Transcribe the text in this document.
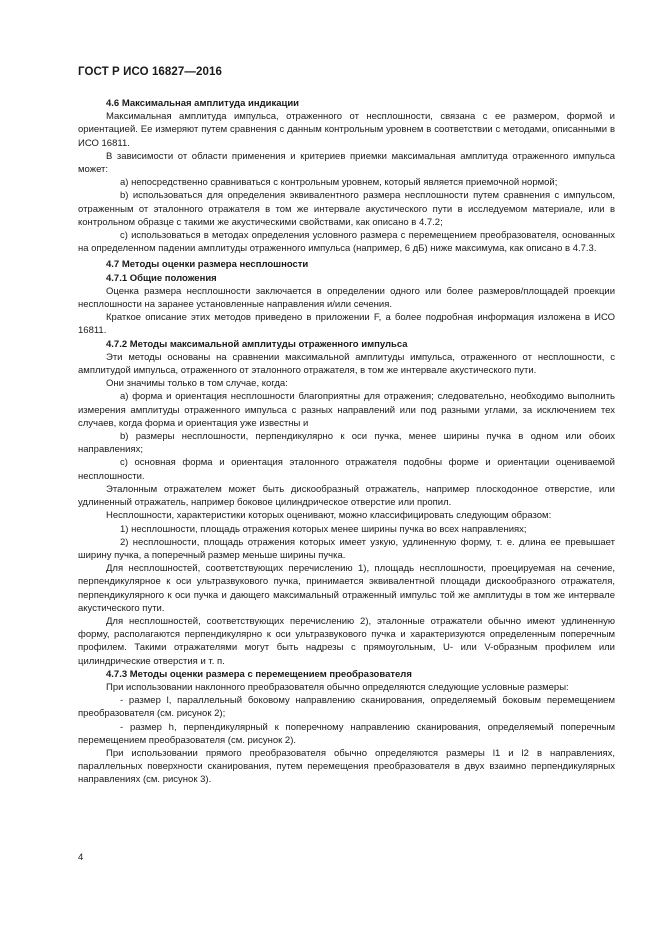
ГОСТ Р ИСО 16827—2016

4.6 Максимальная амплитуда индикации

Максимальная амплитуда импульса, отраженного от несплошности, связана с ее размером, формой и ориентацией. Ее измеряют путем сравнения с данным контрольным уровнем в соответствии с методами, описанными в ИСО 16811.

В зависимости от области применения и критериев приемки максимальная амплитуда отраженного импульса может:

a) непосредственно сравниваться с контрольным уровнем, который является приемочной нормой;

b) использоваться для определения эквивалентного размера несплошности путем сравнения с импульсом, отраженным от эталонного отражателя в том же интервале акустического пути в исследуемом материале, или в контрольном образце с такими же акустическими свойствами, как описано в 4.7.2;

c) использоваться в методах определения условного размера с перемещением преобразователя, основанных на определенном падении амплитуды отраженного импульса (например, 6 дБ) ниже максимума, как описано в 4.7.3.

4.7 Методы оценки размера несплошности

4.7.1 Общие положения

Оценка размера несплошности заключается в определении одного или более размеров/площадей проекции несплошности на заранее установленные направления и/или сечения.

Краткое описание этих методов приведено в приложении F, а более подробная информация изложена в ИСО 16811.

4.7.2 Методы максимальной амплитуды отраженного импульса

Эти методы основаны на сравнении максимальной амплитуды импульса, отраженного от несплошности, с амплитудой импульса, отраженного от эталонного отражателя, в том же интервале акустического пути.

Они значимы только в том случае, когда:

a) форма и ориентация несплошности благоприятны для отражения; следовательно, необходимо выполнить измерения амплитуды отраженного импульса с разных направлений или под разными углами, за исключением тех случаев, когда форма и ориентация уже известны и

b) размеры несплошности, перпендикулярно к оси пучка, менее ширины пучка в одном или обоих направлениях;

c) основная форма и ориентация эталонного отражателя подобны форме и ориентации оцениваемой несплошности.

Эталонным отражателем может быть дискообразный отражатель, например плоскодонное отверстие, или удлиненный отражатель, например боковое цилиндрическое отверстие или пропил.

Несплошности, характеристики которых оценивают, можно классифицировать следующим образом:

1) несплошности, площадь отражения которых менее ширины пучка во всех направлениях;

2) несплошности, площадь отражения которых имеет узкую, удлиненную форму, т. е. длина ее превышает ширину пучка, а поперечный размер меньше ширины пучка.

Для несплошностей, соответствующих перечислению 1), площадь несплошности, проецируемая на сечение, перпендикулярное к оси ультразвукового пучка, принимается эквивалентной площади дискообразного отражателя, перпендикулярного к оси пучка и дающего максимальный отраженный импульс той же амплитуды в том же интервале акустического пути.

Для несплошностей, соответствующих перечислению 2), эталонные отражатели обычно имеют удлиненную форму, располагаются перпендикулярно к оси ультразвукового пучка и характеризуются определенным поперечным профилем. Такими отражателями могут быть надрезы с прямоугольным, U- или V-образным профилем или цилиндрические отверстия и т. п.

4.7.3 Методы оценки размера с перемещением преобразователя

При использовании наклонного преобразователя обычно определяются следующие условные размеры:

- размер l, параллельный боковому направлению сканирования, определяемый боковым перемещением преобразователя (см. рисунок 2);

- размер h, перпендикулярный к поперечному направлению сканирования, определяемый поперечным перемещением преобразователя (см. рисунок 2).

При использовании прямого преобразователя обычно определяются размеры l1 и l2 в направлениях, параллельных поверхности сканирования, путем перемещения преобразователя в двух взаимно перпендикулярных направлениях (см. рисунок 3).

4
